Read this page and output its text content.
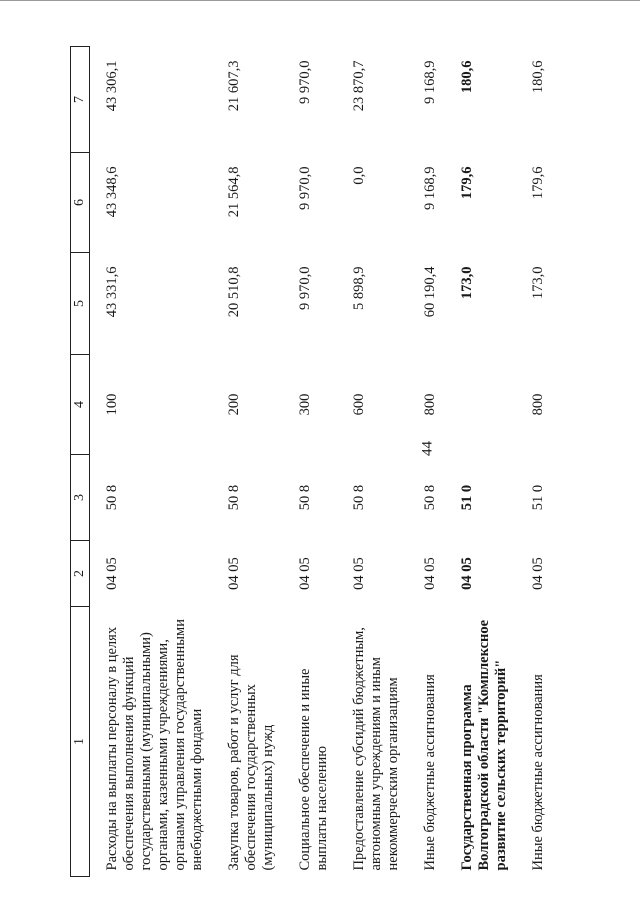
44
1	2	3	4	5	6	7
Расходы на выплаты персоналу в целях обеспечения выполнения функций государственными (муниципальными) органами, казенными учреждениями, органами управления государственными внебюджетными фондами	04 05	50 8	100	43 331,6	43 348,6	43 306,1
Закупка товаров, работ и услуг для обеспечения государственных (муниципальных) нужд	04 05	50 8	200	20 510,8	21 564,8	21 607,3
Социальное обеспечение и иные выплаты населению	04 05	50 8	300	9 970,0	9 970,0	9 970,0
Предоставление субсидий бюджетным, автономным учреждениям и иным некоммерческим организациям	04 05	50 8	600	5 898,9	0,0	23 870,7
Иные бюджетные ассигнования	04 05	50 8	800	60 190,4	9 168,9	9 168,9
Государственная программа Волгоградской области "Комплексное развитие сельских территорий"	04 05	51 0		173,0	179,6	180,6
Иные бюджетные ассигнования	04 05	51 0	800	173,0	179,6	180,6
